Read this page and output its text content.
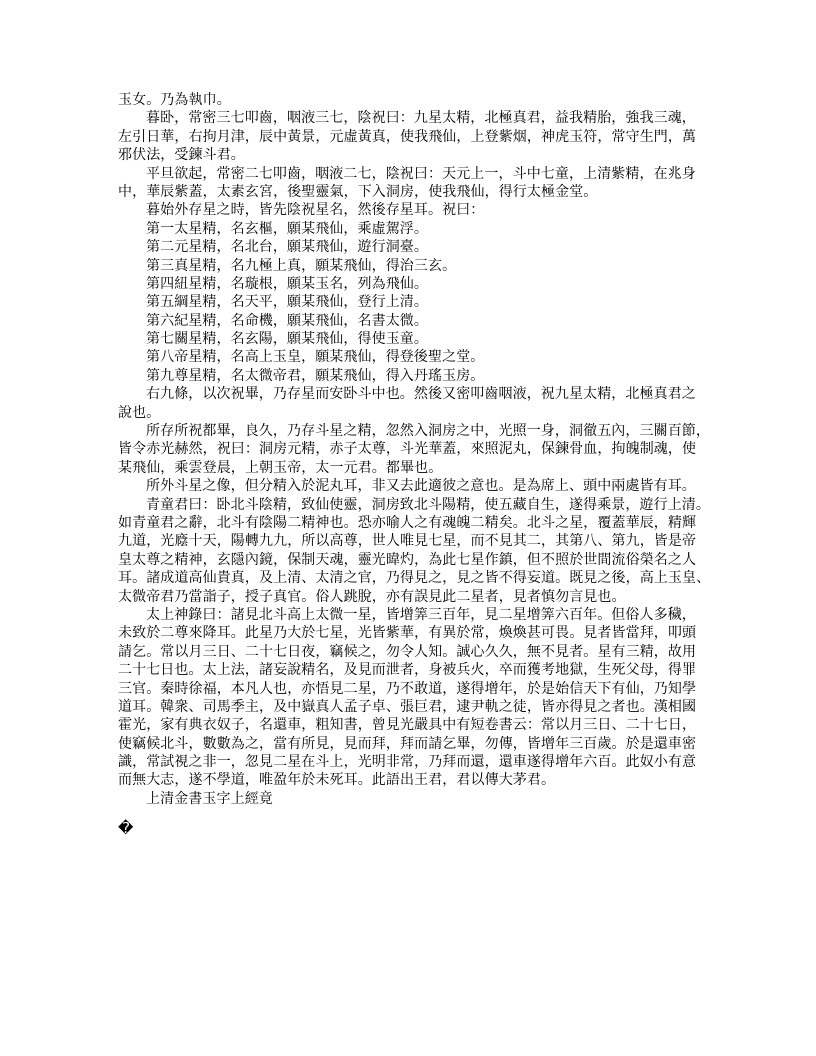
玉女。乃為執巾。
暮卧，常密三七叩齒，咽液三七，陰祝曰：九星太精，北極真君，益我精胎，強我三魂，
左引日華，右拘月津，辰中黃景，元虛黃真，使我飛仙，上登紫烟，神虎玉符，常守生門，萬
邪伏法，受鍊斗君。
平旦欲起，常密二七叩齒，咽液二七，陰祝曰：天元上一，斗中七童，上清紫精，在兆身
中，華辰紫蓋，太素玄宮，後聖靈氣，下入洞房，使我飛仙，得行太極金堂。
暮始外存星之時，皆先陰祝星名，然後存星耳。祝曰：
第一太星精，名玄樞，願某飛仙，乘虛駕浮。
第二元星精，名北台，願某飛仙，遊行洞臺。
第三真星精，名九極上真，願某飛仙，得治三玄。
第四紐星精，名璇根，願某玉名，列為飛仙。
第五綱星精，名天平，願某飛仙，登行上清。
第六紀星精，名命機，願某飛仙，名書太微。
第七關星精，名玄陽，願某飛仙，得使玉童。
第八帝星精，名高上玉皇，願某飛仙，得登後聖之堂。
第九尊星精，名太微帝君，願某飛仙，得入丹瑤玉房。
右九條，以次祝畢，乃存星而安卧斗中也。然後又密叩齒咽液，祝九星太精，北極真君之
說也。
所存所祝都畢，良久，乃存斗星之精，忽然入洞房之中，光照一身，洞徹五內，三關百節，
皆令赤光赫然，祝曰：洞房元精，赤子太尊，斗光華蓋，來照泥丸，保鍊骨血，拘魄制魂，使
某飛仙，乘雲登晨，上朝玉帝，太一元君。都畢也。
所外斗星之像，但分精入於泥丸耳，非又去此適彼之意也。是為席上、頭中兩處皆有耳。
青童君曰：卧北斗陰精，致仙使靈，洞房致北斗陽精，使五藏自生，遂得乘景，遊行上清。
如青童君之辭，北斗有陰陽二精神也。恐亦喻人之有魂魄二精矣。北斗之星，覆蓋華辰，精輝
九道，光廕十天，陽轉九九，所以高尊，世人唯見七星，而不見其二，其第八、第九，皆是帝
皇太尊之精神，玄隱內鏡，保制天魂，靈光暐灼，為此七星作鎮，但不照於世間流俗榮名之人
耳。諸成道高仙貴真，及上清、太清之官，乃得見之，見之皆不得妄道。既見之後，高上玉皇、
太微帝君乃當詣子，授子真官。俗人跳脫，亦有誤見此二星者，見者慎勿言見也。
太上神錄曰：諸見北斗高上太微一星，皆增筭三百年，見二星增筭六百年。但俗人多穢，
未致於二尊來降耳。此星乃大於七星，光皆紫華，有異於常，煥煥甚可畏。見者皆當拜，叩頭
請乞。常以月三日、二十七日夜，竊候之，勿令人知。誠心久久，無不見者。星有三精，故用
二十七日也。太上法，諸妄說精名，及見而泄者，身被兵火，卒而獲考地獄，生死父母，得罪
三官。秦時徐福，本凡人也，亦悟見二星，乃不敢道，遂得增年，於是始信天下有仙，乃知學
道耳。韓衆、司馬季主，及中嶽真人孟子卓、張巨君，逮尹軌之徒，皆亦得見之者也。漢相國
霍光，家有典衣奴子，名還車，粗知書，曾見光嚴具中有短卷書云：常以月三日、二十七日，
使竊候北斗，數數為之，當有所見，見而拜，拜而請乞畢，勿傳，皆增年三百歲。於是還車密
識，常試視之非一，忽見二星在斗上，光明非常，乃拜而還，還車遂得增年六百。此奴小有意
而無大志，遂不學道，唯盈年於未死耳。此語出王君，君以傳大茅君。
上清金書玉字上經竟
�
